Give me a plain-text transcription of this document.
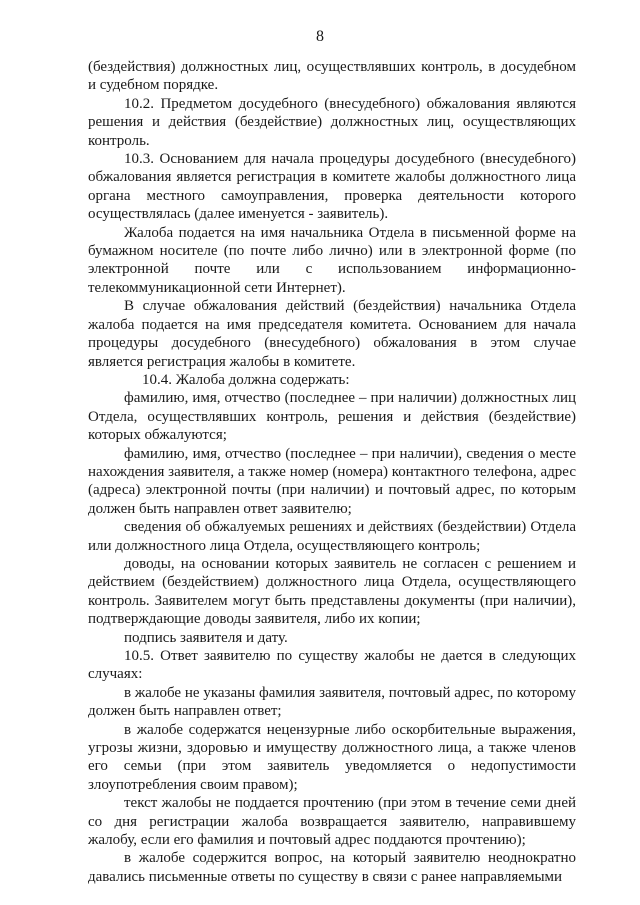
8

(бездействия) должностных лиц, осуществлявших контроль, в досудебном и судебном порядке.

10.2. Предметом досудебного (внесудебного) обжалования являются решения и действия (бездействие) должностных лиц, осуществляющих контроль.

10.3. Основанием для начала процедуры досудебного (внесудебного) обжалования является регистрация в комитете жалобы должностного лица органа местного самоуправления, проверка деятельности которого осуществлялась (далее именуется - заявитель).

Жалоба подается на имя начальника Отдела в письменной форме на бумажном носителе (по почте либо лично) или в электронной форме (по электронной почте или с использованием информационно-телекоммуникационной сети Интернет).

В случае обжалования действий (бездействия) начальника Отдела жалоба подается на имя председателя комитета. Основанием для начала процедуры досудебного (внесудебного) обжалования в этом случае является регистрация жалобы в комитете.

10.4. Жалоба должна содержать:

фамилию, имя, отчество (последнее – при наличии) должностных лиц Отдела, осуществлявших контроль, решения и действия (бездействие) которых обжалуются;

фамилию, имя, отчество (последнее – при наличии), сведения о месте нахождения заявителя, а также номер (номера) контактного телефона, адрес (адреса) электронной почты (при наличии) и почтовый адрес, по которым должен быть направлен ответ заявителю;

сведения об обжалуемых решениях и действиях (бездействии) Отдела или должностного лица Отдела, осуществляющего контроль;

доводы, на основании которых заявитель не согласен с решением и действием (бездействием) должностного лица Отдела, осуществляющего контроль. Заявителем могут быть представлены документы (при наличии), подтверждающие доводы заявителя, либо их копии;

подпись заявителя и дату.

10.5. Ответ заявителю по существу жалобы не дается в следующих случаях:

в жалобе не указаны фамилия заявителя, почтовый адрес, по которому должен быть направлен ответ;

в жалобе содержатся нецензурные либо оскорбительные выражения, угрозы жизни, здоровью и имуществу должностного лица, а также членов его семьи (при этом заявитель уведомляется о недопустимости злоупотребления своим правом);

текст жалобы не поддается прочтению (при этом в течение семи дней со дня регистрации жалоба возвращается заявителю, направившему жалобу, если его фамилия и почтовый адрес поддаются прочтению);

в жалобе содержится вопрос, на который заявителю неоднократно давались письменные ответы по существу в связи с ранее направляемыми
